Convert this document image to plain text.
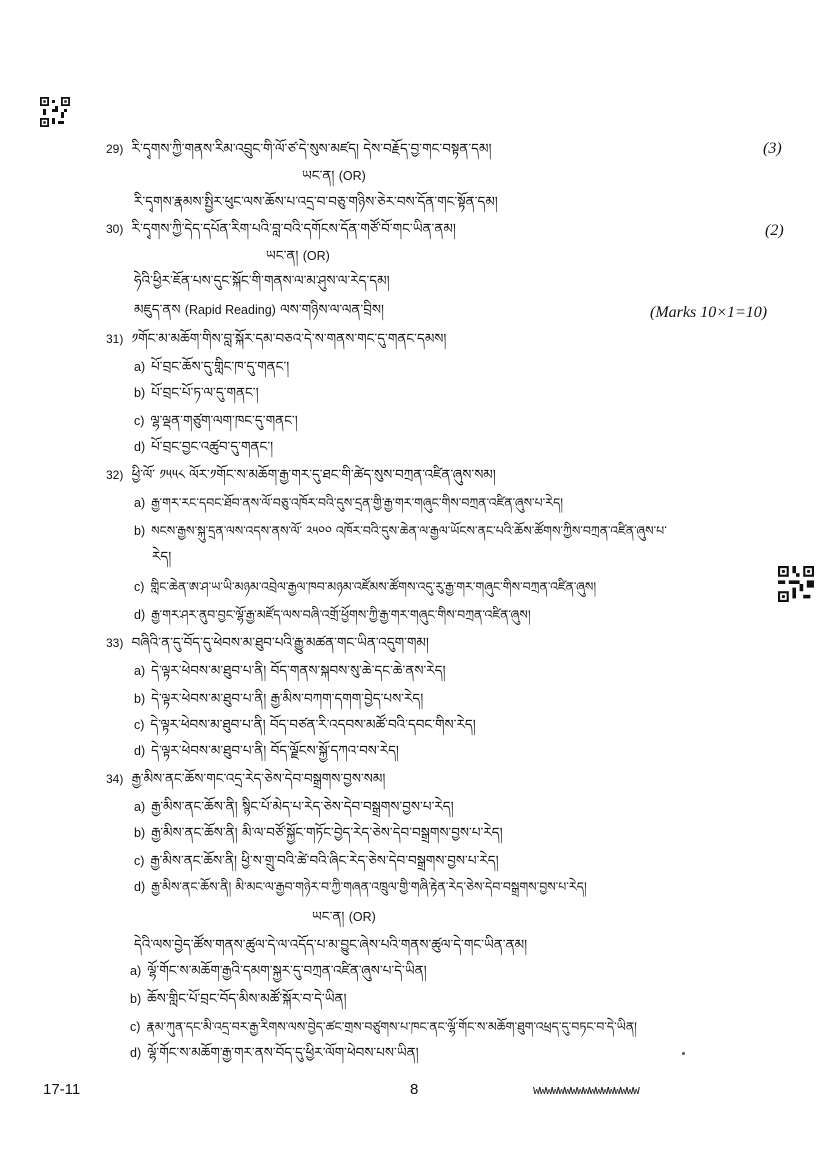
29) རི་དྭགས་ཀྱི་གནས་རིམ་འབྲུང་གི་ལོ་ཙ་དེ་སུས་མཛད། དེས་བརྗོད་བྱ་གང་བསྟན་དམ།	(3)
ཡང་ན། (OR)
རི་དྭགས་རྣམས་སྤྱིར་ཕུང་ལས་ཆོས་པ་འདྲ་བ་བཅུ་གཉིས་ཅེར་བས་དོན་གང་སྟོན་དམ།
30) རི་དྭགས་ཀྱི་དེད་དཔོན་རིག་པའི་བླ་བའི་དགོངས་དོན་གཙོ་བོ་གང་ཡིན་ནམ།	(2)
ཡང་ན། (OR)
ཧེའི་ཕྱིར་ཇོན་པས་དུང་སྐོང་གི་གནས་ལ་མ་ཤུས་ལ་རེད་དམ།
མཇུད་ནས (Rapid Reading) ལས་གཉིས་ལ་ལན་བྲིས།	(Marks 10×1=10)
31) ༡གོང་མ་མཆོག་གིས་བླ་སྐོར་དམ་བཅའ་དེ་ས་གནས་གང་དུ་གནང་དམས།
a) པོ་བྲང་ཆོས་དུ་གླིང་ཁ་དུ་གནང་།
b) པོ་བྲང་པོ་ཏ་ལ་དུ་གནང་།
c) ལྷ་ལྡན་གཙུག་ལག་ཁང་དུ་གནང་།
d) པོ་བྲང་བྱང་འཚུབ་དུ་གནང་།
32) ཕྱི་ལོ་ ༡༥༥༨ ལོར་༡གོང་ས་མཆོག་རྒྱ་གར་དུ་ཐང་གི་ཚེད་སུས་བཀྲན་འཛིན་ཞུས་སམ།
a) རྒྱ་གར་རང་དབང་ཐོབ་ནས་ལོ་བཅུ་འཁོར་བའི་དུས་དྲན་གྱི་རྒྱ་གར་གཞུང་གིས་བཀྲན་འཛིན་ཞུས་པ་རེད།
b) སངས་རྒྱས་སྐུ་དྲན་ལས་འདས་ནས་ལོ་ ༢༥༠༠ འཁོར་བའི་དུས་ཆེན་ལ་རྒྱལ་ཡོངས་ནང་པའི་ཆོས་ཚོགས་ཀྱིས་བཀྲན་འཛིན་ཞུས་པ་
རེད།
c) གླིང་ཆེན་ཨ་ཤ་ཡ་ཡི་མཉམ་འབྲེལ་རྒྱལ་ཁབ་མཉམ་འཛོམས་ཚོགས་འདུ་རུ་རྒྱ་གར་གཞུང་གིས་བཀྲན་འཛིན་ཞུས།
d) རྒྱ་གར་ཤར་ནུབ་བྱང་ལྷོ་རྒྱ་མཛོད་ལས་བཞི་འགྲོ་ཕྱོགས་ཀྱི་རྒྱ་གར་གཞུང་གིས་བཀྲན་འཛིན་ཞུས།
33) བཞིའི་ན་དུ་བོད་དུ་ཕེབས་མ་ཐུབ་པའི་རྒྱུ་མཚན་གང་ཡིན་འདུག་གམ།
a) དེ་ལྟར་ཕེབས་མ་ཐུབ་པ་ནི། བོད་གནས་སྐབས་སུ་ཆེ་དང་ཆེ་ནས་རེད།
b) དེ་ལྟར་ཕེབས་མ་ཐུབ་པ་ནི། རྒྱ་མིས་བཀག་དགག་བྱེད་པས་རེད།
c) དེ་ལྟར་ཕེབས་མ་ཐུབ་པ་ནི། བོད་བཙན་རི་འདབས་མཚོ་བའི་དབང་གིས་རེད།
d) དེ་ལྟར་ཕེབས་མ་ཐུབ་པ་ནི། བོད་ལྗོངས་སྐྱོ་དཀའ་བས་རེད།
34) རྒྱ་མིས་ནང་ཆོས་གང་འདྲ་རེད་ཅེས་དེབ་བསྒྲགས་བྱས་སམ།
a) རྒྱ་མིས་ནང་ཆོས་ནི། སྙིང་པོ་མེད་པ་རེད་ཅེས་དེབ་བསྒྲགས་བྱས་པ་རེད།
b) རྒྱ་མིས་ནང་ཆོས་ནི། མི་ལ་བཙོ་སྐྱོང་གཏོང་བྱེད་རེད་ཅེས་དེབ་བསྒྲགས་བྱས་པ་རེད།
c) རྒྱ་མིས་ནང་ཆོས་ནི། ཕྱི་ས་གྲུ་བའི་ཚེ་བའི་ཞིང་རེད་ཅེས་དེབ་བསྒྲགས་བྱས་པ་རེད།
d) རྒྱ་མིས་ནང་ཆོས་ནི། མི་མང་ལ་རྒྱབ་གཉེར་བ་ཀྱི་གཞན་འཁྲུལ་གྱི་གཞི་རྟེན་རེད་ཅེས་དེབ་བསྒྲགས་བྱས་པ་རེད།
ཡང་ན། (OR)
དེའི་ལས་བྱེད་ཚོས་གནས་ཚུལ་དེ་ལ་འདོད་པ་མ་བྱུང་ཞེས་པའི་གནས་ཚུལ་དེ་གང་ཡིན་ནམ།
a) ལྷོ་གོང་ས་མཆོག་རྒྱའི་དམག་སྐྱར་དུ་བཀྲན་འཛིན་ཞུས་པ་དེ་ཡིན།
b) ཆོས་གླིང་པོ་བྲང་བོད་མིས་མཚོ་སྐོར་བ་དེ་ཡིན།
c) རྣམ་ཀུན་དང་མི་འདྲ་བར་རྒྱ་རིགས་ལས་བྱེད་ཚང་གྲས་བཙུགས་པ་ཁང་ནང་ལྷོ་གོང་ས་མཆོག་ཐུག་འཕྲད་དུ་བཏང་བ་དེ་ཡིན།
d) ལྷོ་གོང་ས་མཆོག་རྒྱ་གར་ནས་བོད་དུ་ཕྱིར་ལོག་ཕེབས་པས་ཡིན།
17-11	8	wwwwwwwwwwwwwwwww
